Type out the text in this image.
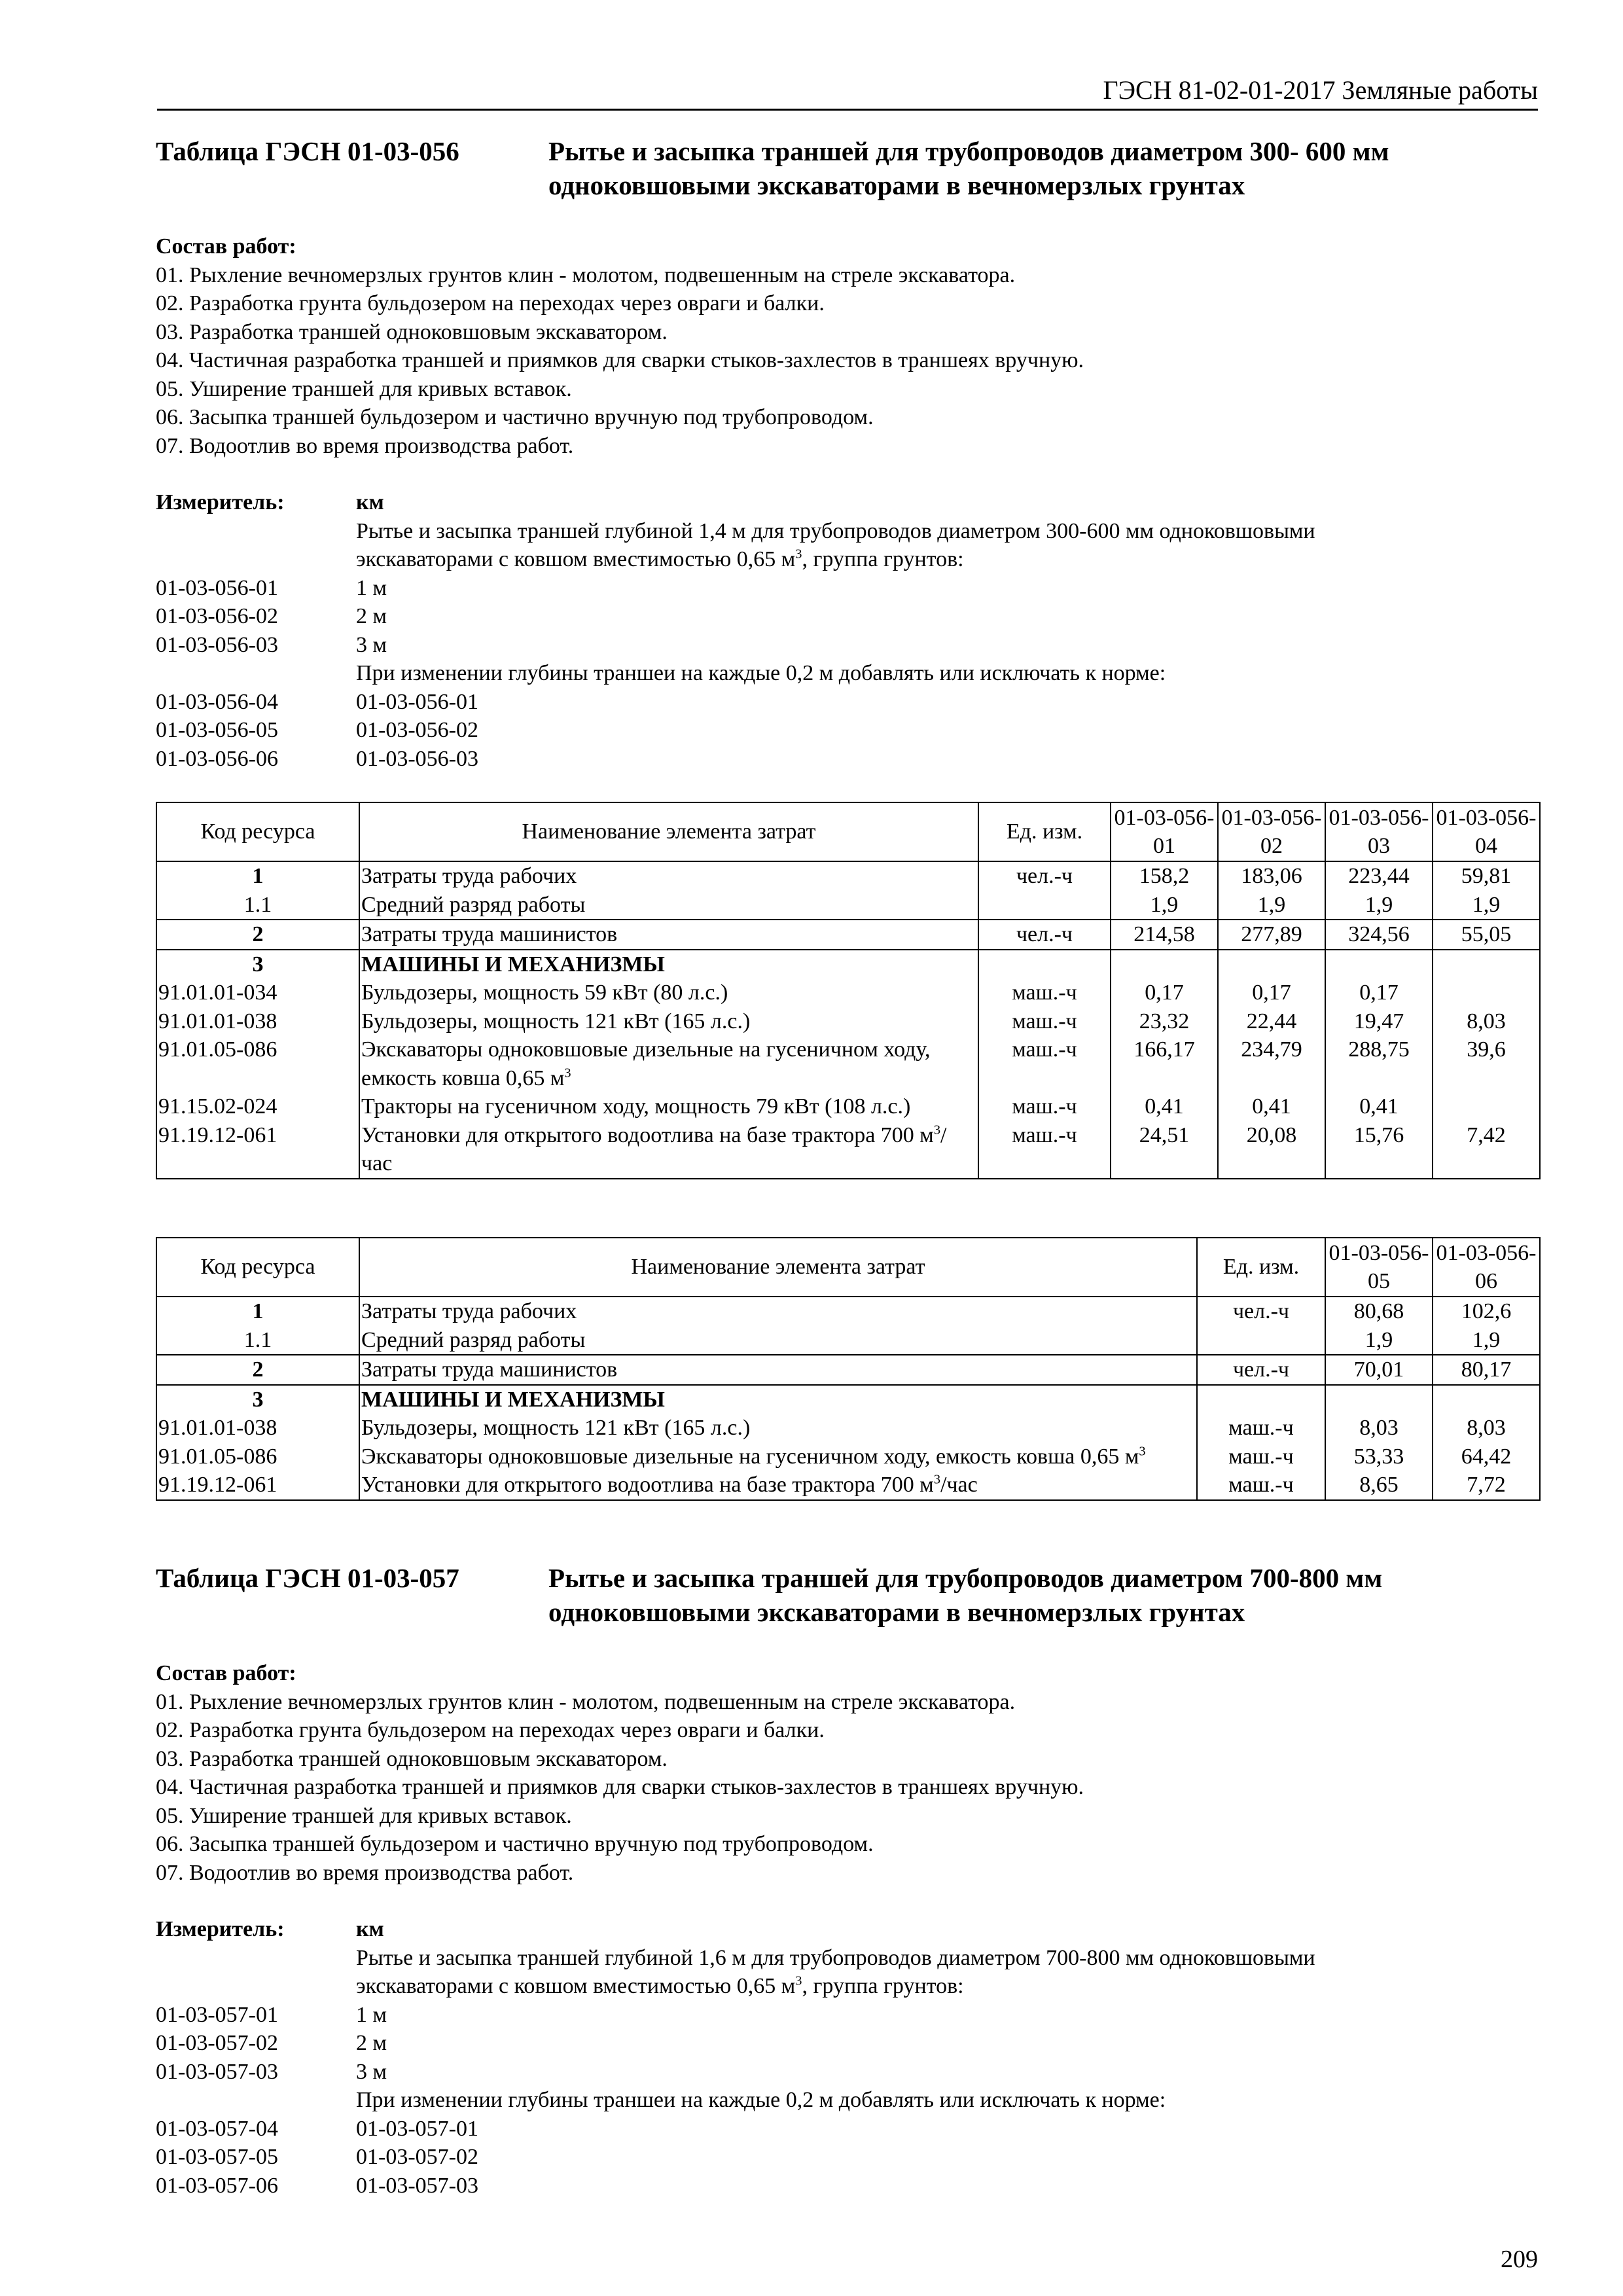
ГЭСН 81-02-01-2017 Земляные работы
Таблица ГЭСН 01-03-056	Рытье и засыпка траншей для трубопроводов диаметром 300- 600 мм
одноковшовыми экскаваторами в вечномерзлых грунтах
Состав работ:
01. Рыхление вечномерзлых грунтов клин - молотом, подвешенным на стреле экскаватора.
02. Разработка грунта бульдозером на переходах через овраги и балки.
03. Разработка траншей одноковшовым экскаватором.
04. Частичная разработка траншей и приямков для сварки стыков-захлестов в траншеях вручную.
05. Уширение траншей для кривых вставок.
06. Засыпка траншей бульдозером и частично вручную под трубопроводом.
07. Водоотлив во время производства работ.
Измеритель:	км
Рытье и засыпка траншей глубиной 1,4 м для трубопроводов диаметром 300-600 мм одноковшовыми
экскаваторами с ковшом вместимостью 0,65 $м^3$, группа грунтов:
01-03-056-01	1 м
01-03-056-02	2 м
01-03-056-03	3 м
При изменении глубины траншеи на каждые 0,2 м добавлять или исключать к норме:
01-03-056-04	01-03-056-01
01-03-056-05	01-03-056-02
01-03-056-06	01-03-056-03
Код ресурса	Наименование элемента затрат	Ед. изм.	01-03-056-01	01-03-056-02	01-03-056-03	01-03-056-04
1	Затраты труда рабочих	чел.-ч	158,2	183,06	223,44	59,81
1.1	Средний разряд работы		1,9	1,9	1,9	1,9
2	Затраты труда машинистов	чел.-ч	214,58	277,89	324,56	55,05
3	МАШИНЫ И МЕХАНИЗМЫ					
91.01.01-034	Бульдозеры, мощность 59 кВт (80 л.с.)	маш.-ч	0,17	0,17	0,17	
91.01.01-038	Бульдозеры, мощность 121 кВт (165 л.с.)	маш.-ч	23,32	22,44	19,47	8,03
91.01.05-086	Экскаваторы одноковшовые дизельные на гусеничном ходу, емкость ковша 0,65 $м^3$	маш.-ч	166,17	234,79	288,75	39,6
91.15.02-024	Тракторы на гусеничном ходу, мощность 79 кВт (108 л.с.)	маш.-ч	0,41	0,41	0,41	
91.19.12-061	Установки для открытого водоотлива на базе трактора 700 $м^3$/час	маш.-ч	24,51	20,08	15,76	7,42
Код ресурса	Наименование элемента затрат	Ед. изм.	01-03-056-05	01-03-056-06
1	Затраты труда рабочих	чел.-ч	80,68	102,6
1.1	Средний разряд работы		1,9	1,9
2	Затраты труда машинистов	чел.-ч	70,01	80,17
3	МАШИНЫ И МЕХАНИЗМЫ			
91.01.01-038	Бульдозеры, мощность 121 кВт (165 л.с.)	маш.-ч	8,03	8,03
91.01.05-086	Экскаваторы одноковшовые дизельные на гусеничном ходу, емкость ковша 0,65 $м^3$	маш.-ч	53,33	64,42
91.19.12-061	Установки для открытого водоотлива на базе трактора 700 $м^3$/час	маш.-ч	8,65	7,72
Таблица ГЭСН 01-03-057	Рытье и засыпка траншей для трубопроводов диаметром 700-800 мм
одноковшовыми экскаваторами в вечномерзлых грунтах
Состав работ:
01. Рыхление вечномерзлых грунтов клин - молотом, подвешенным на стреле экскаватора.
02. Разработка грунта бульдозером на переходах через овраги и балки.
03. Разработка траншей одноковшовым экскаватором.
04. Частичная разработка траншей и приямков для сварки стыков-захлестов в траншеях вручную.
05. Уширение траншей для кривых вставок.
06. Засыпка траншей бульдозером и частично вручную под трубопроводом.
07. Водоотлив во время производства работ.
Измеритель:	км
Рытье и засыпка траншей глубиной 1,6 м для трубопроводов диаметром 700-800 мм одноковшовыми
экскаваторами с ковшом вместимостью 0,65 $м^3$, группа грунтов:
01-03-057-01	1 м
01-03-057-02	2 м
01-03-057-03	3 м
При изменении глубины траншеи на каждые 0,2 м добавлять или исключать к норме:
01-03-057-04	01-03-057-01
01-03-057-05	01-03-057-02
01-03-057-06	01-03-057-03
209
